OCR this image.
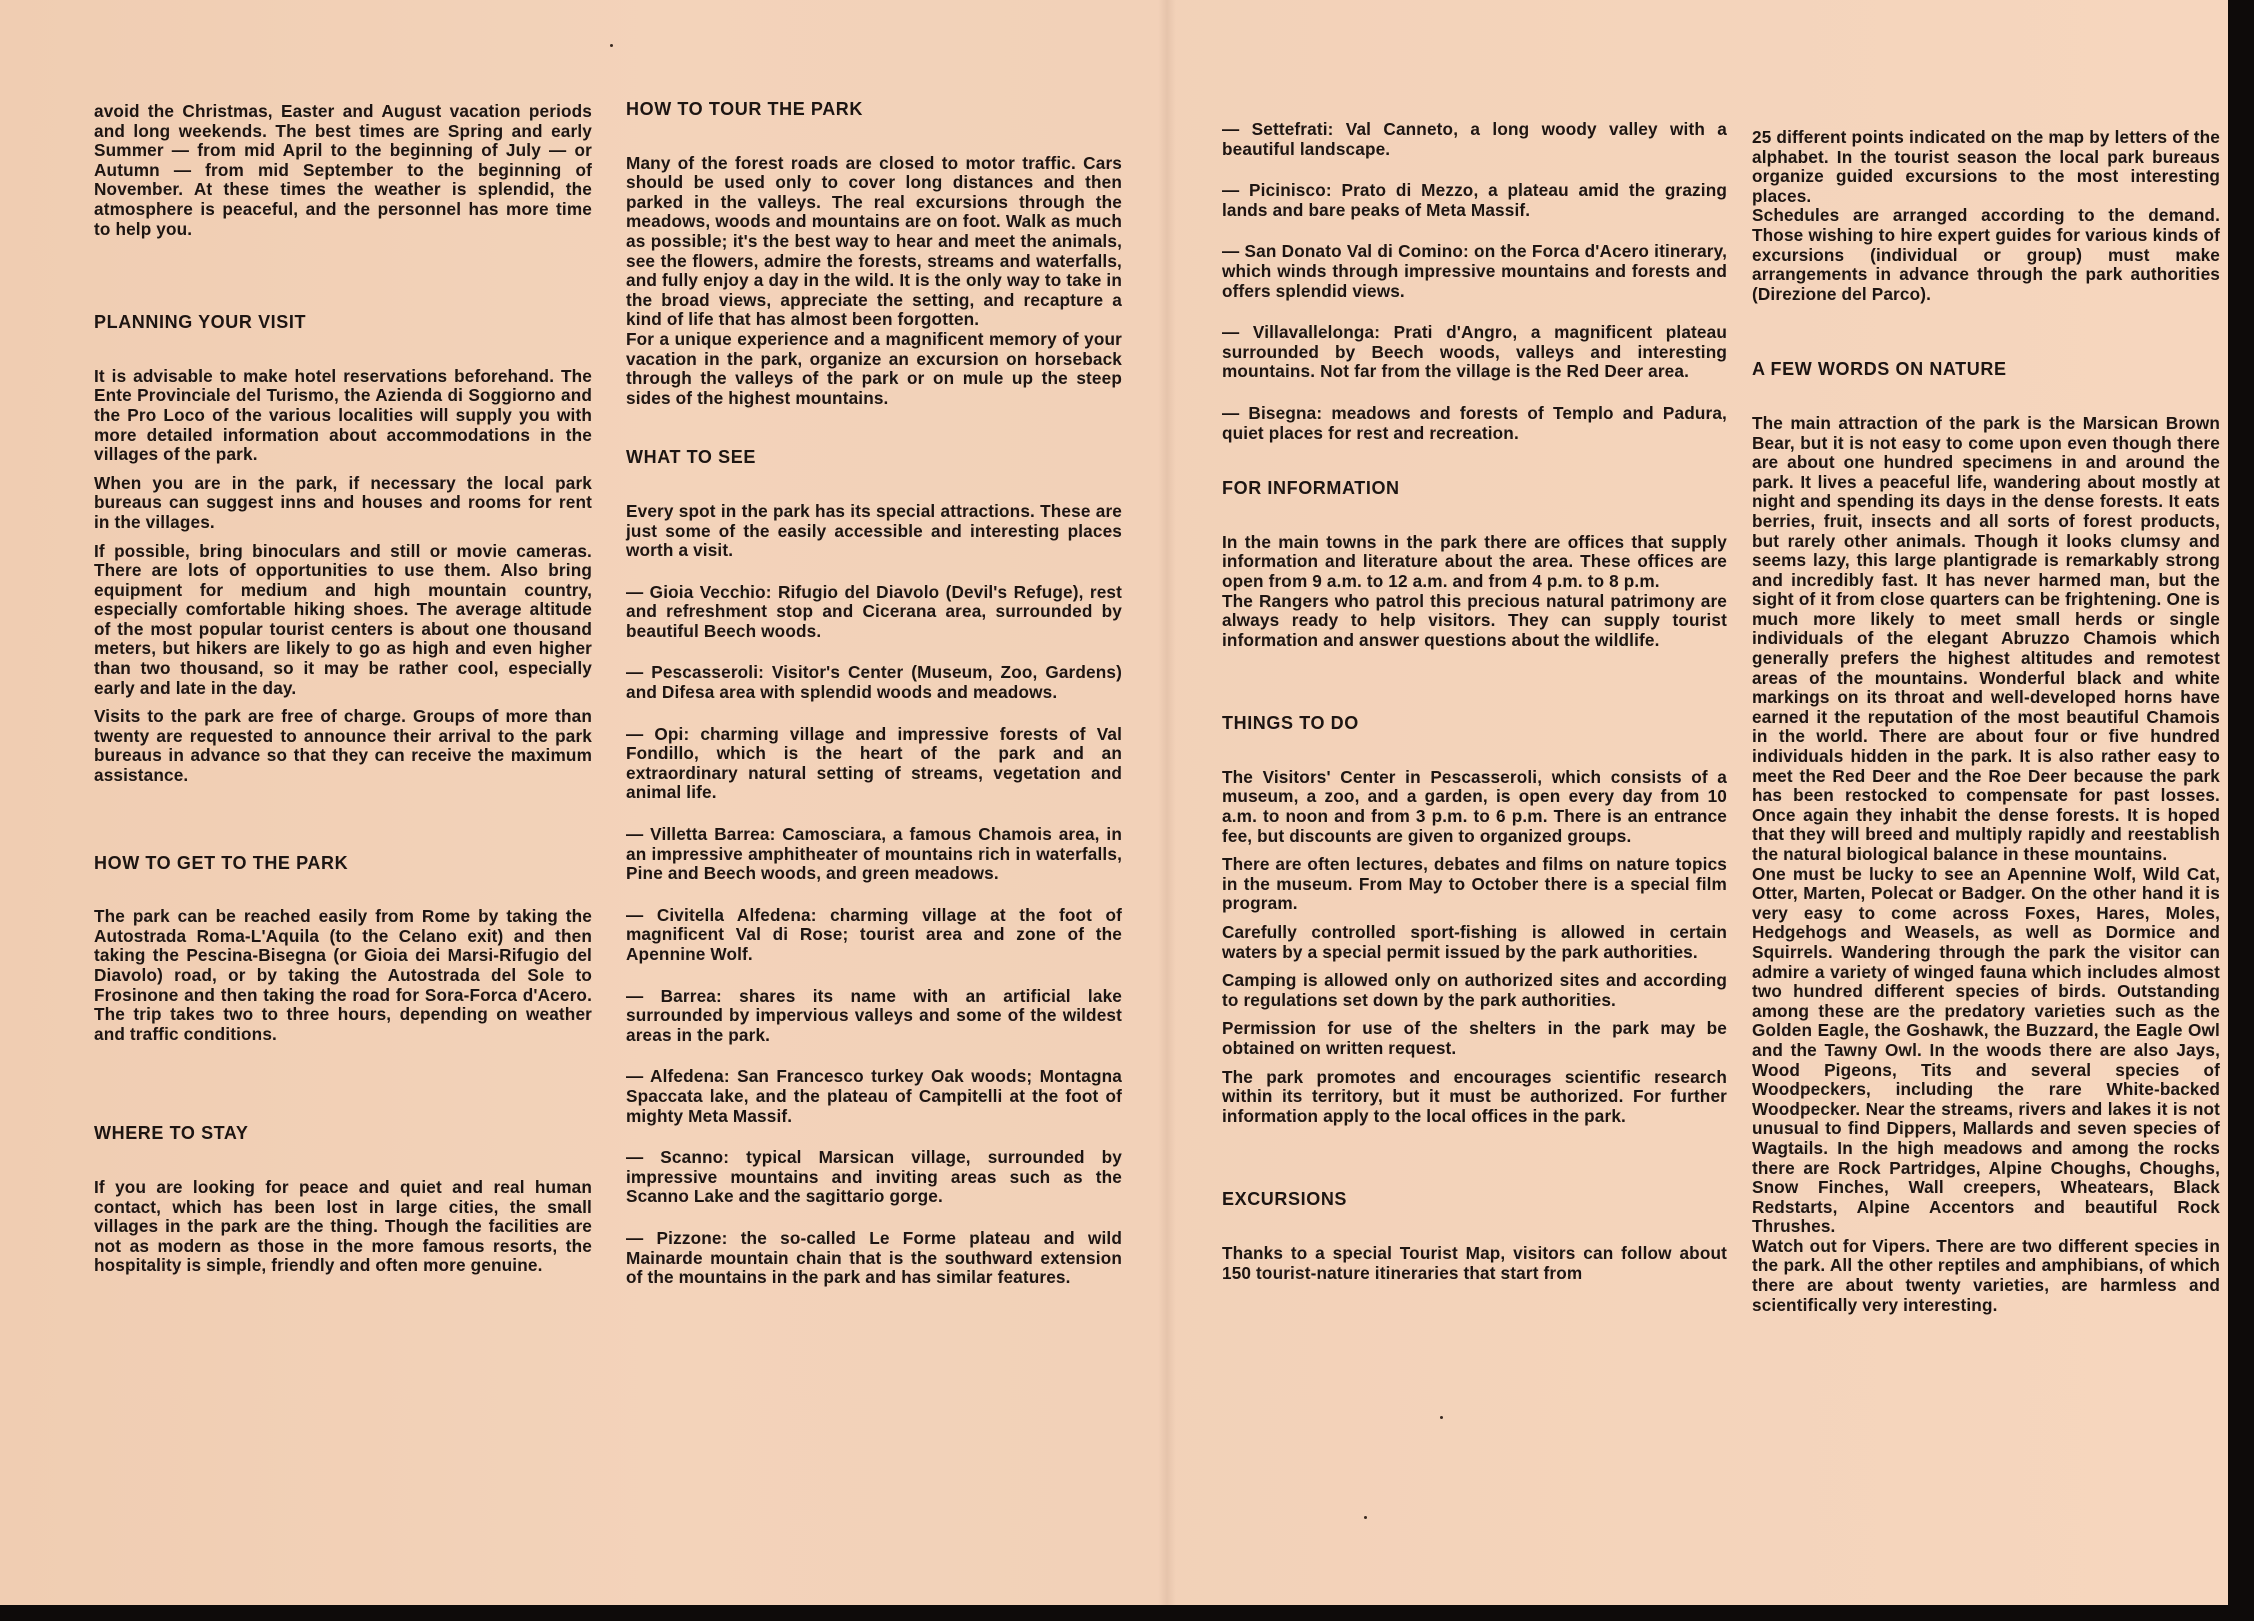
avoid the Christmas, Easter and August vacation periods and long weekends. The best times are Spring and early Summer — from mid April to the beginning of July — or Autumn — from mid September to the beginning of November. At these times the weather is splendid, the atmosphere is peaceful, and the personnel has more time to help you.

PLANNING YOUR VISIT

It is advisable to make hotel reservations beforehand. The Ente Provinciale del Turismo, the Azienda di Soggiorno and the Pro Loco of the various localities will supply you with more detailed information about accommodations in the villages of the park.

When you are in the park, if necessary the local park bureaus can suggest inns and houses and rooms for rent in the villages.

If possible, bring binoculars and still or movie cameras. There are lots of opportunities to use them. Also bring equipment for medium and high mountain country, especially comfortable hiking shoes. The average altitude of the most popular tourist centers is about one thousand meters, but hikers are likely to go as high and even higher than two thousand, so it may be rather cool, especially early and late in the day.

Visits to the park are free of charge. Groups of more than twenty are requested to announce their arrival to the park bureaus in advance so that they can receive the maximum assistance.

HOW TO GET TO THE PARK

The park can be reached easily from Rome by taking the Autostrada Roma-L'Aquila (to the Celano exit) and then taking the Pescina-Bisegna (or Gioia dei Marsi-Rifugio del Diavolo) road, or by taking the Autostrada del Sole to Frosinone and then taking the road for Sora-Forca d'Acero. The trip takes two to three hours, depending on weather and traffic conditions.

WHERE TO STAY

If you are looking for peace and quiet and real human contact, which has been lost in large cities, the small villages in the park are the thing. Though the facilities are not as modern as those in the more famous resorts, the hospitality is simple, friendly and often more genuine.

HOW TO TOUR THE PARK

Many of the forest roads are closed to motor traffic. Cars should be used only to cover long distances and then parked in the valleys. The real excursions through the meadows, woods and mountains are on foot. Walk as much as possible; it's the best way to hear and meet the animals, see the flowers, admire the forests, streams and waterfalls, and fully enjoy a day in the wild. It is the only way to take in the broad views, appreciate the setting, and recapture a kind of life that has almost been forgotten.

For a unique experience and a magnificent memory of your vacation in the park, organize an excursion on horseback through the valleys of the park or on mule up the steep sides of the highest mountains.

WHAT TO SEE

Every spot in the park has its special attractions. These are just some of the easily accessible and interesting places worth a visit.

— Gioia Vecchio: Rifugio del Diavolo (Devil's Refuge), rest and refreshment stop and Cicerana area, surrounded by beautiful Beech woods.

— Pescasseroli: Visitor's Center (Museum, Zoo, Gardens) and Difesa area with splendid woods and meadows.

— Opi: charming village and impressive forests of Val Fondillo, which is the heart of the park and an extraordinary natural setting of streams, vegetation and animal life.

— Villetta Barrea: Camosciara, a famous Chamois area, in an impressive amphitheater of mountains rich in waterfalls, Pine and Beech woods, and green meadows.

— Civitella Alfedena: charming village at the foot of magnificent Val di Rose; tourist area and zone of the Apennine Wolf.

— Barrea: shares its name with an artificial lake surrounded by impervious valleys and some of the wildest areas in the park.

— Alfedena: San Francesco turkey Oak woods; Montagna Spaccata lake, and the plateau of Campitelli at the foot of mighty Meta Massif.

— Scanno: typical Marsican village, surrounded by impressive mountains and inviting areas such as the Scanno Lake and the sagittario gorge.

— Pizzone: the so-called Le Forme plateau and wild Mainarde mountain chain that is the southward extension of the mountains in the park and has similar features.

— Settefrati: Val Canneto, a long woody valley with a beautiful landscape.

— Picinisco: Prato di Mezzo, a plateau amid the grazing lands and bare peaks of Meta Massif.

— San Donato Val di Comino: on the Forca d'Acero itinerary, which winds through impressive mountains and forests and offers splendid views.

— Villavallelonga: Prati d'Angro, a magnificent plateau surrounded by Beech woods, valleys and interesting mountains. Not far from the village is the Red Deer area.

— Bisegna: meadows and forests of Templo and Padura, quiet places for rest and recreation.

FOR INFORMATION

In the main towns in the park there are offices that supply information and literature about the area. These offices are open from 9 a.m. to 12 a.m. and from 4 p.m. to 8 p.m.

The Rangers who patrol this precious natural patrimony are always ready to help visitors. They can supply tourist information and answer questions about the wildlife.

THINGS TO DO

The Visitors' Center in Pescasseroli, which consists of a museum, a zoo, and a garden, is open every day from 10 a.m. to noon and from 3 p.m. to 6 p.m. There is an entrance fee, but discounts are given to organized groups.

There are often lectures, debates and films on nature topics in the museum. From May to October there is a special film program.

Carefully controlled sport-fishing is allowed in certain waters by a special permit issued by the park authorities.

Camping is allowed only on authorized sites and according to regulations set down by the park authorities.

Permission for use of the shelters in the park may be obtained on written request.

The park promotes and encourages scientific research within its territory, but it must be authorized. For further information apply to the local offices in the park.

EXCURSIONS

Thanks to a special Tourist Map, visitors can follow about 150 tourist-nature itineraries that start from

25 different points indicated on the map by letters of the alphabet. In the tourist season the local park bureaus organize guided excursions to the most interesting places.

Schedules are arranged according to the demand. Those wishing to hire expert guides for various kinds of excursions (individual or group) must make arrangements in advance through the park authorities (Direzione del Parco).

A FEW WORDS ON NATURE

The main attraction of the park is the Marsican Brown Bear, but it is not easy to come upon even though there are about one hundred specimens in and around the park. It lives a peaceful life, wandering about mostly at night and spending its days in the dense forests. It eats berries, fruit, insects and all sorts of forest products, but rarely other animals. Though it looks clumsy and seems lazy, this large plantigrade is remarkably strong and incredibly fast. It has never harmed man, but the sight of it from close quarters can be frightening. One is much more likely to meet small herds or single individuals of the elegant Abruzzo Chamois which generally prefers the highest altitudes and remotest areas of the mountains. Wonderful black and white markings on its throat and well-developed horns have earned it the reputation of the most beautiful Chamois in the world. There are about four or five hundred individuals hidden in the park. It is also rather easy to meet the Red Deer and the Roe Deer because the park has been restocked to compensate for past losses. Once again they inhabit the dense forests. It is hoped that they will breed and multiply rapidly and reestablish the natural biological balance in these mountains.

One must be lucky to see an Apennine Wolf, Wild Cat, Otter, Marten, Polecat or Badger. On the other hand it is very easy to come across Foxes, Hares, Moles, Hedgehogs and Weasels, as well as Dormice and Squirrels. Wandering through the park the visitor can admire a variety of winged fauna which includes almost two hundred different species of birds. Outstanding among these are the predatory varieties such as the Golden Eagle, the Goshawk, the Buzzard, the Eagle Owl and the Tawny Owl. In the woods there are also Jays, Wood Pigeons, Tits and several species of Woodpeckers, including the rare White-backed Woodpecker. Near the streams, rivers and lakes it is not unusual to find Dippers, Mallards and seven species of Wagtails. In the high meadows and among the rocks there are Rock Partridges, Alpine Choughs, Choughs, Snow Finches, Wall creepers, Wheatears, Black Redstarts, Alpine Accentors and beautiful Rock Thrushes.

Watch out for Vipers. There are two different species in the park. All the other reptiles and amphibians, of which there are about twenty varieties, are harmless and scientifically very interesting.
